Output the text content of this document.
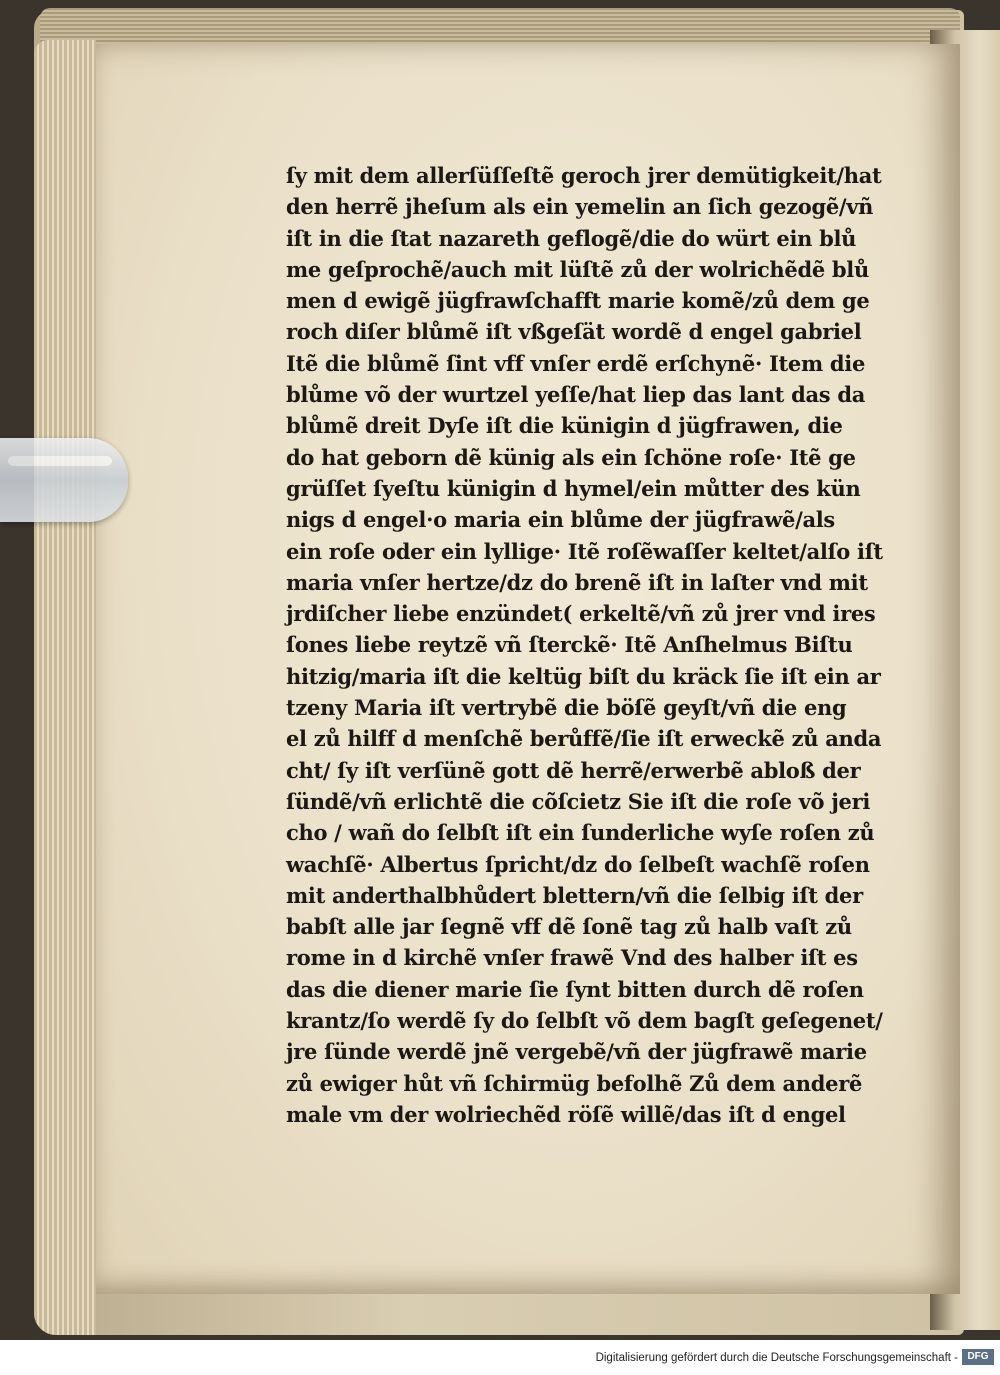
ſy mit dem allerſüſſeſtẽ geroch jrer demütigkeit/hat
den herrẽ jheſum als ein yemelin an ſich gezogẽ/vñ
iſt in die ſtat nazareth geflogẽ/die do würt ein blů
me geſprochẽ/auch mit lüſtẽ zů der wolrichẽdẽ blů
men d ewigẽ jügfrawſchafft marie komẽ/zů dem ge
roch diſer blůmẽ iſt vßgeſät wordẽ d engel gabriel
Itẽ die blůmẽ ſint vff vnſer erdẽ erſchynẽ· Item die
blůme võ der wurtzel yeſſe/hat liep das lant das da
blůmẽ dreit Dyſe iſt die künigin d jügfrawen, die
do hat geborn dẽ künig als ein ſchöne roſe· Itẽ ge
grüſſet ſyeſtu künigin d hymel/ein můtter des kün
nigs d engel·o maria ein blůme der jügfrawẽ/als
ein roſe oder ein lyllige· Itẽ roſẽwaſſer keltet/alſo iſt
maria vnſer hertze/dz do brenẽ iſt in laſter vnd mit
jrdiſcher liebe enzündet( erkeltẽ/vñ zů jrer vnd ires
ſones liebe reytzẽ vñ ſterckẽ· Itẽ Anſhelmus Biſtu
hitzig/maria iſt die keltüg biſt du kräck ſie iſt ein ar
tzeny Maria iſt vertrybẽ die böſẽ geyſt/vñ die eng
el zů hilff d menſchẽ berůffẽ/ſie iſt erweckẽ zů anda
cht/ ſy iſt verſünẽ gott dẽ herrẽ/erwerbẽ abloß der
ſündẽ/vñ erlichtẽ die cõſcietz Sie iſt die roſe võ jeri
cho / wañ do ſelbſt iſt ein ſunderliche wyſe roſen zů
wachſẽ· Albertus ſpricht/dz do ſelbeſt wachſẽ roſen
mit anderthalbhůdert blettern/vñ die ſelbig iſt der
babſt alle jar ſegnẽ vff dẽ ſonẽ tag zů halb vaſt zů
rome in d kirchẽ vnſer frawẽ Vnd des halber iſt es
das die diener marie ſie ſynt bitten durch dẽ roſen
krantz/ſo werdẽ ſy do ſelbſt võ dem bagſt geſegenet/
jre ſünde werdẽ jnẽ vergebẽ/vñ der jügfrawẽ marie
zů ewiger hůt vñ ſchirmüg befolhẽ Zů dem anderẽ
male vm der wolriechẽd röſẽ willẽ/das iſt d engel
Digitalisierung gefördert durch die Deutsche Forschungsgemeinschaft - DFG
